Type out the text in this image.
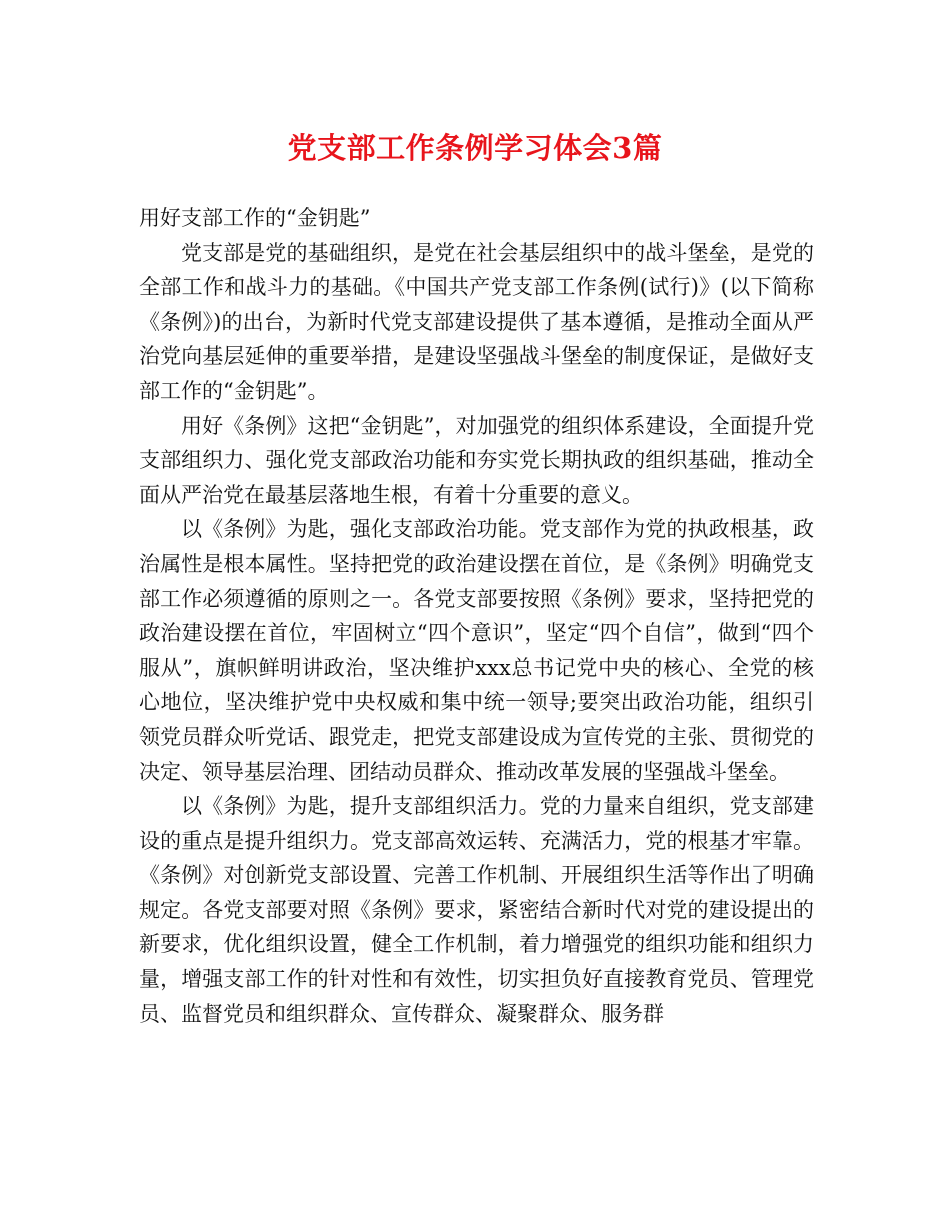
党支部工作条例学习体会3篇

用好支部工作的“金钥匙”

党支部是党的基础组织，是党在社会基层组织中的战斗堡垒，是党的全部工作和战斗力的基础。《中国共产党支部工作条例(试行)》(以下简称《条例》)的出台，为新时代党支部建设提供了基本遵循，是推动全面从严治党向基层延伸的重要举措，是建设坚强战斗堡垒的制度保证，是做好支部工作的“金钥匙”。

用好《条例》这把“金钥匙”，对加强党的组织体系建设，全面提升党支部组织力、强化党支部政治功能和夯实党长期执政的组织基础，推动全面从严治党在最基层落地生根，有着十分重要的意义。

以《条例》为匙，强化支部政治功能。党支部作为党的执政根基，政治属性是根本属性。坚持把党的政治建设摆在首位，是《条例》明确党支部工作必须遵循的原则之一。各党支部要按照《条例》要求，坚持把党的政治建设摆在首位，牢固树立“四个意识”，坚定“四个自信”，做到“四个服从”，旗帜鲜明讲政治，坚决维护xxx总书记党中央的核心、全党的核心地位，坚决维护党中央权威和集中统一领导;要突出政治功能，组织引领党员群众听党话、跟党走，把党支部建设成为宣传党的主张、贯彻党的决定、领导基层治理、团结动员群众、推动改革发展的坚强战斗堡垒。

以《条例》为匙，提升支部组织活力。党的力量来自组织，党支部建设的重点是提升组织力。党支部高效运转、充满活力，党的根基才牢靠。《条例》对创新党支部设置、完善工作机制、开展组织生活等作出了明确规定。各党支部要对照《条例》要求，紧密结合新时代对党的建设提出的新要求，优化组织设置，健全工作机制，着力增强党的组织功能和组织力量，增强支部工作的针对性和有效性，切实担负好直接教育党员、管理党员、监督党员和组织群众、宣传群众、凝聚群众、服务群
